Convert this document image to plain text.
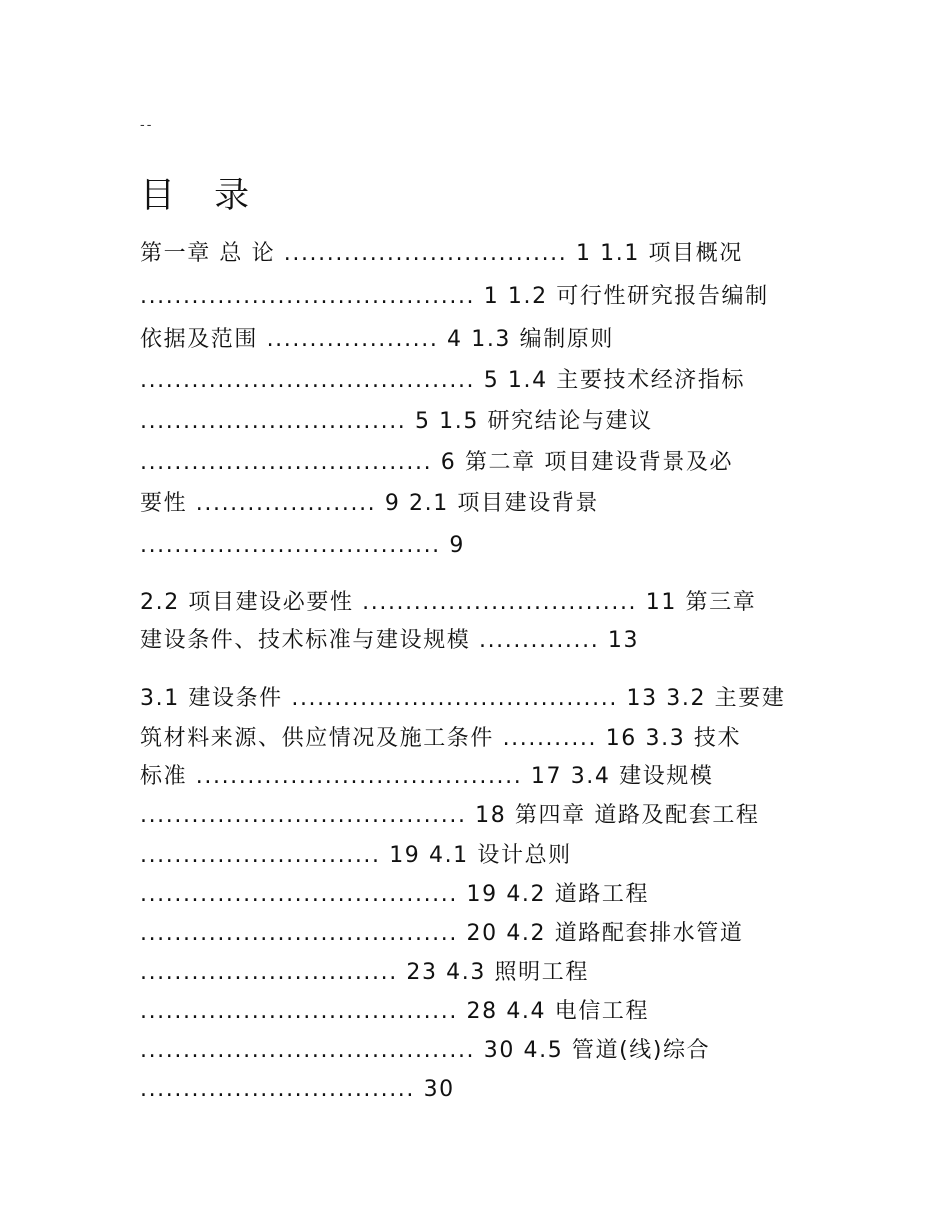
--
目 录
第一章 总 论 ................................. 1 1.1 项目概况
....................................... 1 1.2 可行性研究报告编制
依据及范围 .................... 4 1.3 编制原则
....................................... 5 1.4 主要技术经济指标
............................... 5 1.5 研究结论与建议
.................................. 6 第二章 项目建设背景及必
要性 ..................... 9 2.1 项目建设背景
................................... 9
2.2 项目建设必要性 ................................ 11 第三章
建设条件、技术标准与建设规模 .............. 13
3.1 建设条件 ...................................... 13 3.2 主要建
筑材料来源、供应情况及施工条件 ........... 16 3.3 技术
标准 ...................................... 17 3.4 建设规模
...................................... 18 第四章 道路及配套工程
............................ 19 4.1 设计总则
..................................... 19 4.2 道路工程
..................................... 20 4.2 道路配套排水管道
.............................. 23 4.3 照明工程
..................................... 28 4.4 电信工程
....................................... 30 4.5 管道(线)综合
................................ 30
